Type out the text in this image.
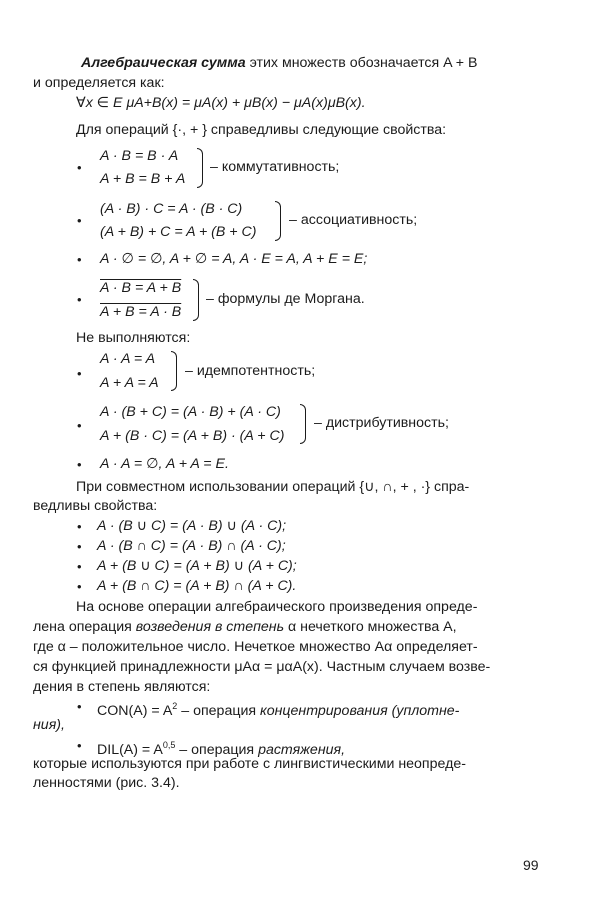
Алгебраическая сумма этих множеств обозначается A + B
и определяется как:
∀x ∈ E μA+B(x) = μA(x) + μB(x) − μA(x)μB(x).
Для операций {·, + } справедливы следующие свойства:
•
A · B = B · A
A + B = B + A
– коммутативность;
•
(A · B) · C = A · (B · C)
(A + B) + C = A + (B + C)
– ассоциативность;
• A · ∅ = ∅, A + ∅ = A, A · E = A, A + E = E;
•
A · B = A + B
A + B = A · B
– формулы де Моргана.
Не выполняются:
•
A · A = A
A + A = A
– идемпотентность;
•
A · (B + C) = (A · B) + (A · C)
A + (B · C) = (A + B) · (A + C)
– дистрибутивность;
• A · A = ∅, A + A = E.
При совместном использовании операций {∪, ∩, + , ·} спра-
ведливы свойства:
• A · (B ∪ C) = (A · B) ∪ (A · C);
• A · (B ∩ C) = (A · B) ∩ (A · C);
• A + (B ∪ C) = (A + B) ∪ (A + C);
• A + (B ∩ C) = (A + B) ∩ (A + C).
На основе операции алгебраического произведения опреде-
лена операция возведения в степень α нечеткого множества A,
где α – положительное число. Нечеткое множество Aα определяет-
ся функцией принадлежности μAα = μαA(x). Частным случаем возве-
дения в степень являются:
• $CON(A) = A^2$ – операция концентрирования (уплотне-
ния),
• DIL(A) = A$^{0,5}$ – операция растяжения,
которые используются при работе с лингвистическими неопреде-
ленностями (рис. 3.4).
99
